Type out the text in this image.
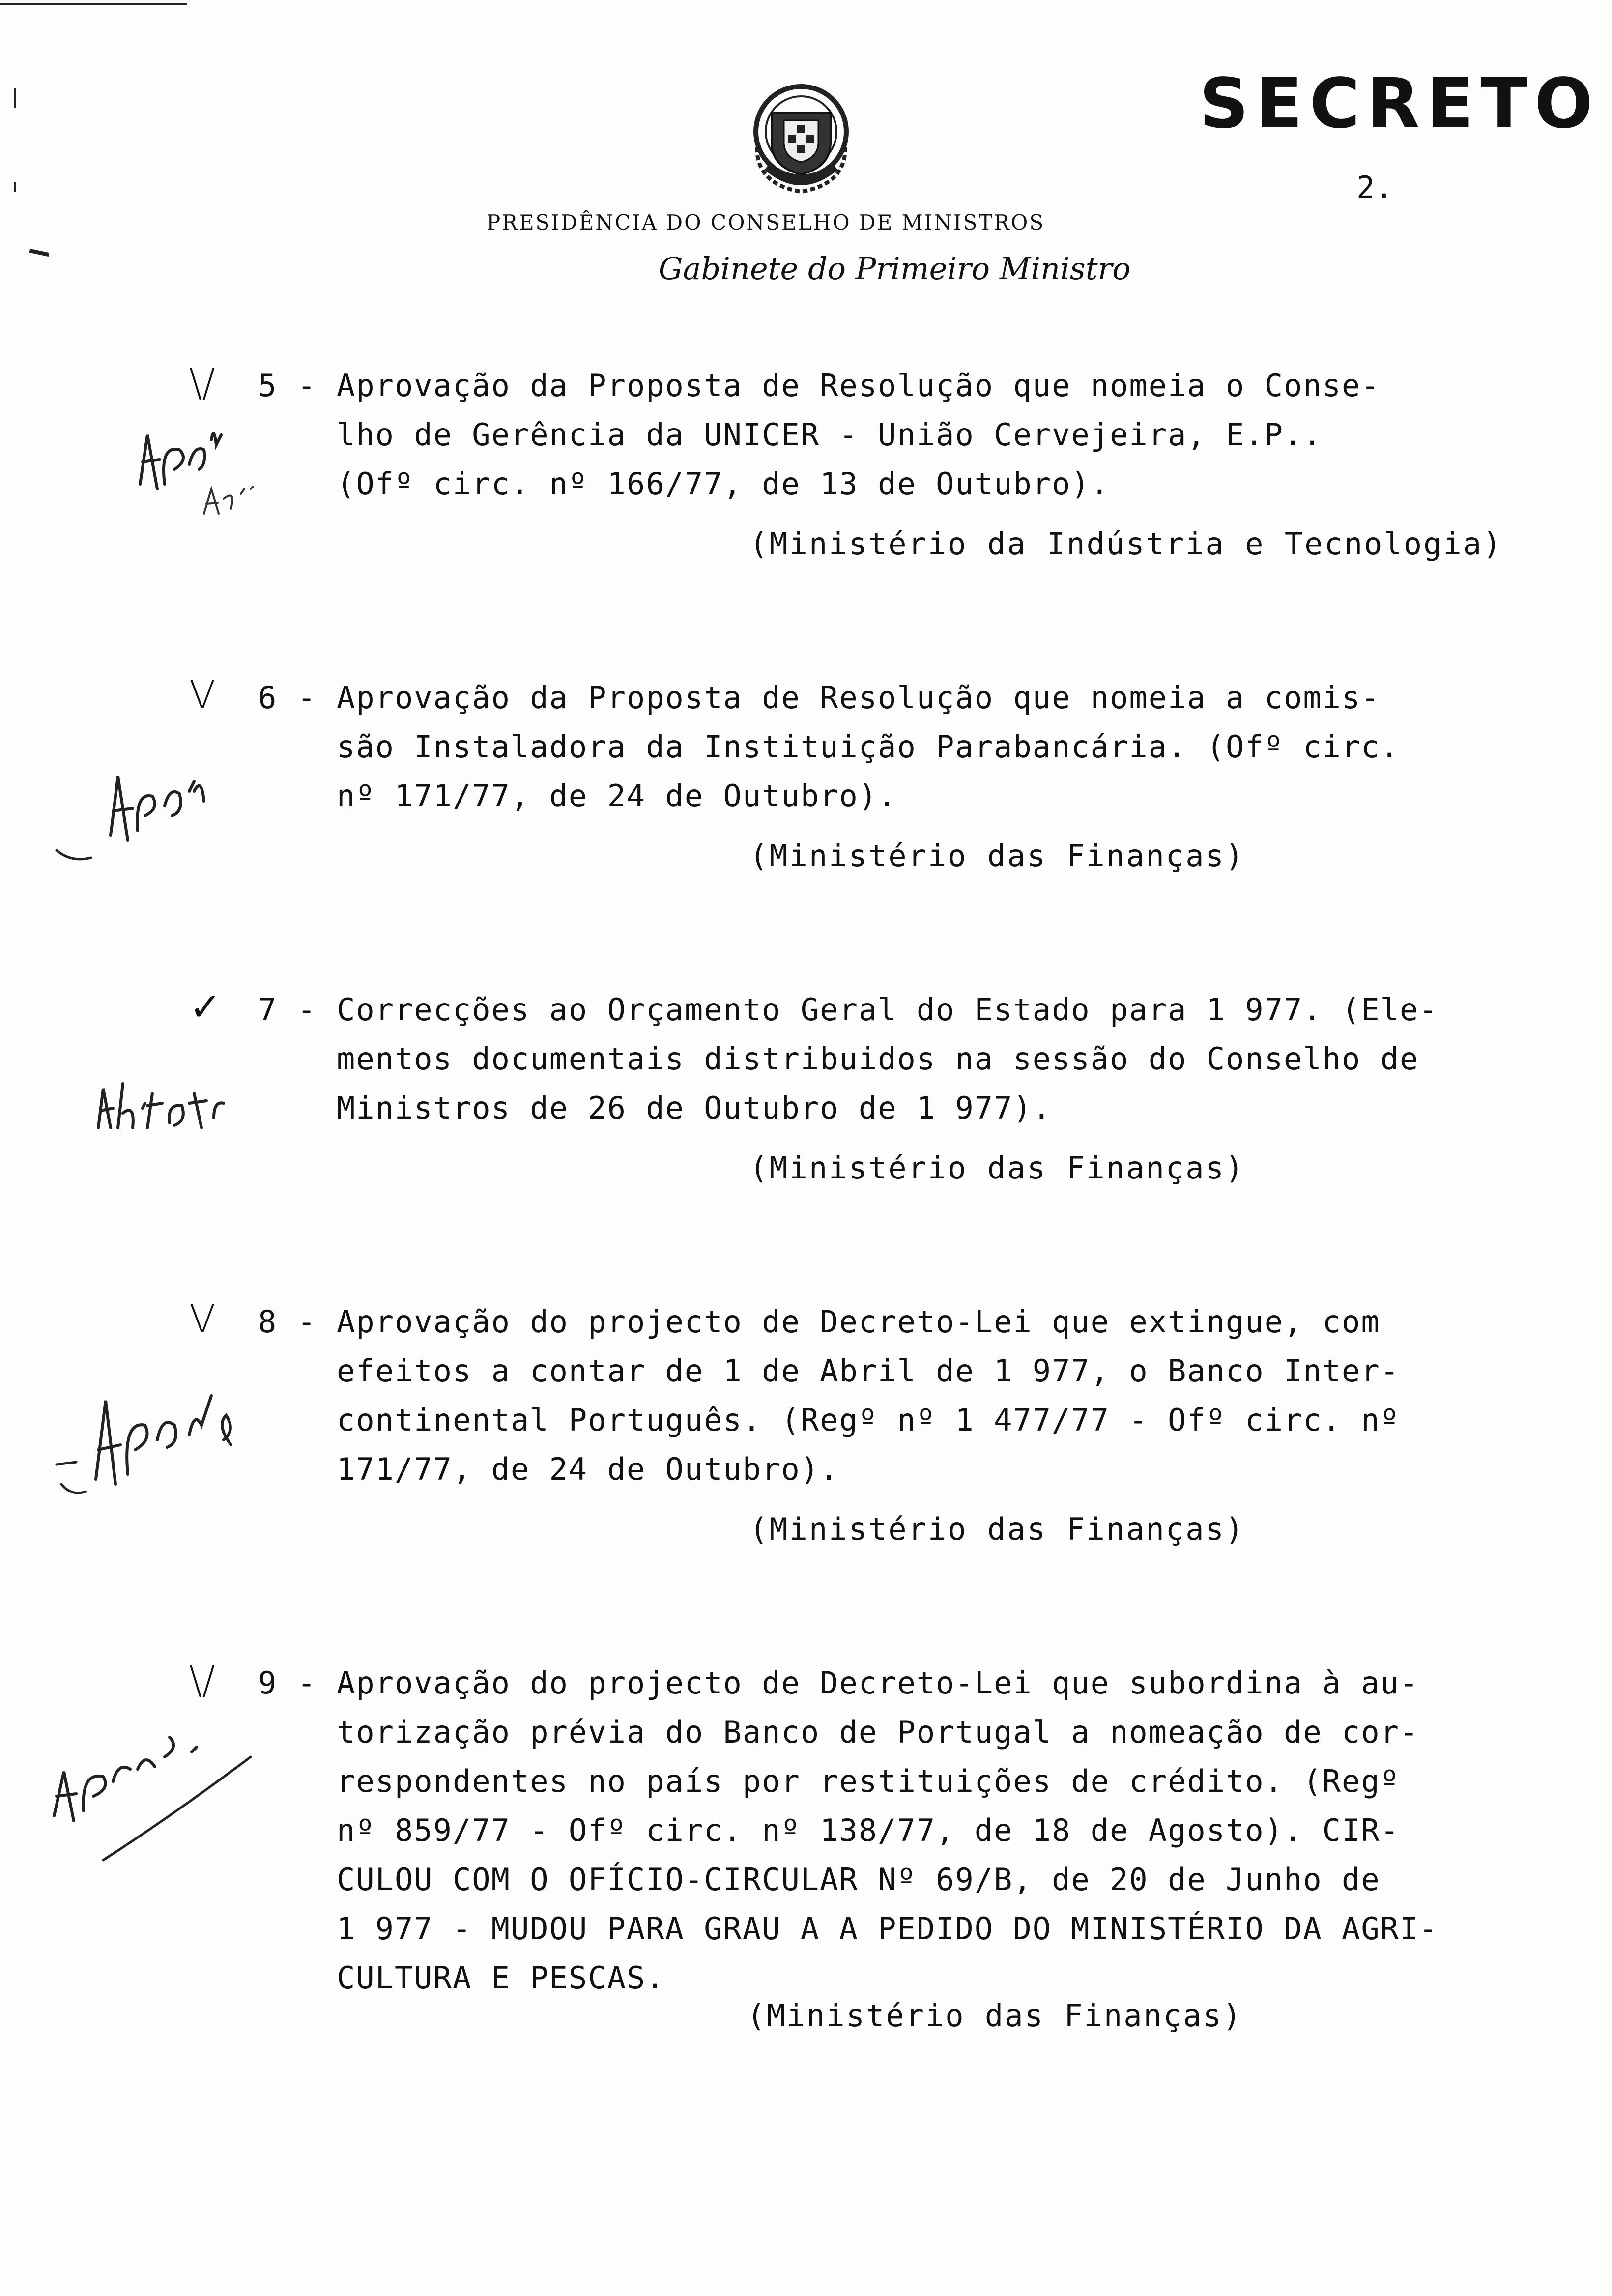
SECRETO
2.
PRESIDÊNCIA DO CONSELHO DE MINISTROS
Gabinete do Primeiro Ministro
\/ 5 - Aprovação da Proposta de Resolução que nomeia o Conse-
lho de Gerência da UNICER - União Cervejeira, E.P..
(Ofº circ. nº 166/77, de 13 de Outubro).
(Ministério da Indústria e Tecnologia)
V 6 - Aprovação da Proposta de Resolução que nomeia a comis-
são Instaladora da Instituição Parabancária. (Ofº circ.
nº 171/77, de 24 de Outubro).
(Ministério das Finanças)
✓ 7 - Correcções ao Orçamento Geral do Estado para 1 977. (Ele-
mentos documentais distribuidos na sessão do Conselho de
Ministros de 26 de Outubro de 1 977).
(Ministério das Finanças)
V 8 - Aprovação do projecto de Decreto-Lei que extingue, com
efeitos a contar de 1 de Abril de 1 977, o Banco Inter-
continental Português. (Regº nº 1 477/77 - Ofº circ. nº
171/77, de 24 de Outubro).
(Ministério das Finanças)
\/ 9 - Aprovação do projecto de Decreto-Lei que subordina à au-
torização prévia do Banco de Portugal a nomeação de cor-
respondentes no país por restituições de crédito. (Regº
nº 859/77 - Ofº circ. nº 138/77, de 18 de Agosto). CIR-
CULOU COM O OFÍCIO-CIRCULAR Nº 69/B, de 20 de Junho de
1 977 - MUDOU PARA GRAU A A PEDIDO DO MINISTÉRIO DA AGRI-
CULTURA E PESCAS.
(Ministério das Finanças)
